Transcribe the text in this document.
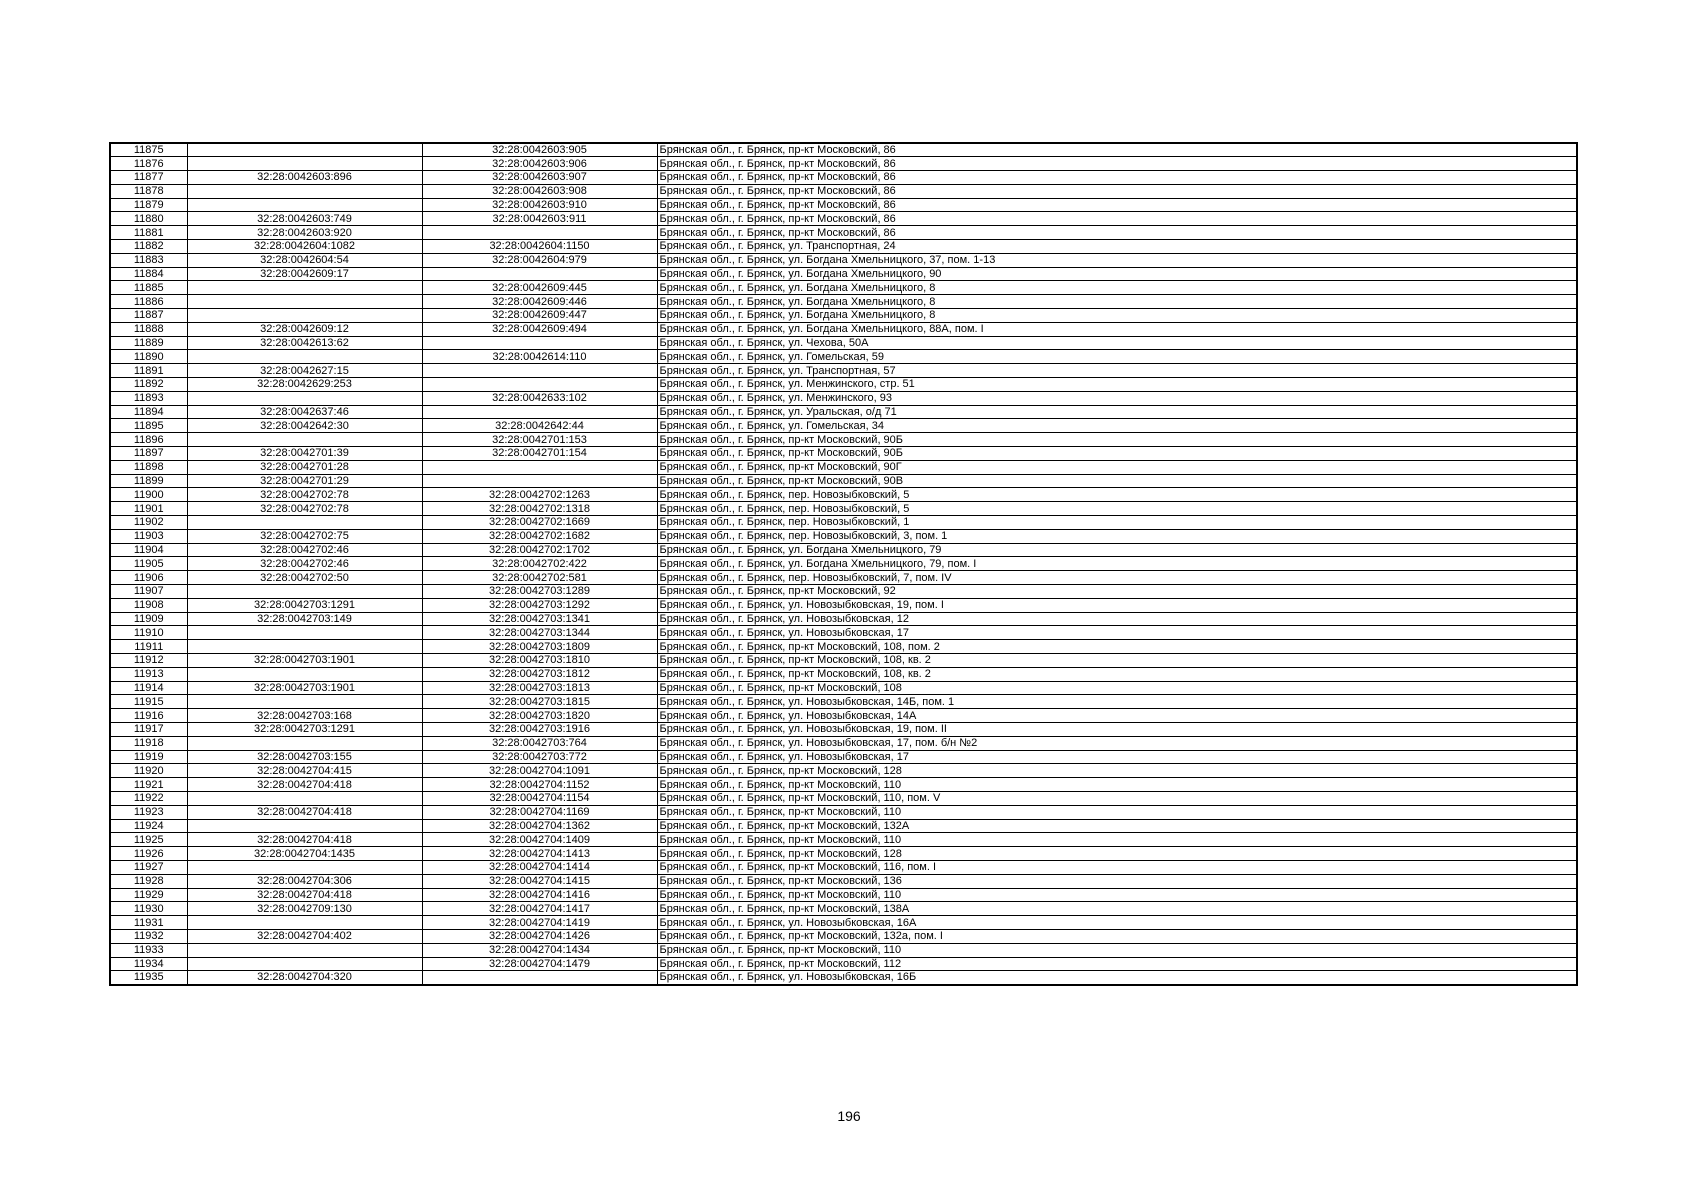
11875		32:28:0042603:905	Брянская обл., г. Брянск, пр-кт Московский, 86
11876		32:28:0042603:906	Брянская обл., г. Брянск, пр-кт Московский, 86
11877	32:28:0042603:896	32:28:0042603:907	Брянская обл., г. Брянск, пр-кт Московский, 86
11878		32:28:0042603:908	Брянская обл., г. Брянск, пр-кт Московский, 86
11879		32:28:0042603:910	Брянская обл., г. Брянск, пр-кт Московский, 86
11880	32:28:0042603:749	32:28:0042603:911	Брянская обл., г. Брянск, пр-кт Московский, 86
11881	32:28:0042603:920		Брянская обл., г. Брянск, пр-кт Московский, 86
11882	32:28:0042604:1082	32:28:0042604:1150	Брянская обл., г. Брянск, ул. Транспортная, 24
11883	32:28:0042604:54	32:28:0042604:979	Брянская обл., г. Брянск, ул. Богдана Хмельницкого, 37, пом. 1-13
11884	32:28:0042609:17		Брянская обл., г. Брянск, ул. Богдана Хмельницкого, 90
11885		32:28:0042609:445	Брянская обл., г. Брянск, ул. Богдана Хмельницкого, 8
11886		32:28:0042609:446	Брянская обл., г. Брянск, ул. Богдана Хмельницкого, 8
11887		32:28:0042609:447	Брянская обл., г. Брянск, ул. Богдана Хмельницкого, 8
11888	32:28:0042609:12	32:28:0042609:494	Брянская обл., г. Брянск, ул. Богдана Хмельницкого, 88А, пом. I
11889	32:28:0042613:62		Брянская обл., г. Брянск, ул. Чехова, 50А
11890		32:28:0042614:110	Брянская обл., г. Брянск, ул. Гомельская, 59
11891	32:28:0042627:15		Брянская обл., г. Брянск, ул. Транспортная, 57
11892	32:28:0042629:253		Брянская обл., г. Брянск, ул. Менжинского, стр. 51
11893		32:28:0042633:102	Брянская обл., г. Брянск, ул. Менжинского, 93
11894	32:28:0042637:46		Брянская обл., г. Брянск, ул. Уральская, о/д 71
11895	32:28:0042642:30	32:28:0042642:44	Брянская обл., г. Брянск, ул. Гомельская, 34
11896		32:28:0042701:153	Брянская обл., г. Брянск, пр-кт Московский, 90Б
11897	32:28:0042701:39	32:28:0042701:154	Брянская обл., г. Брянск, пр-кт Московский, 90Б
11898	32:28:0042701:28		Брянская обл., г. Брянск, пр-кт Московский, 90Г
11899	32:28:0042701:29		Брянская обл., г. Брянск, пр-кт Московский, 90В
11900	32:28:0042702:78	32:28:0042702:1263	Брянская обл., г. Брянск, пер. Новозыбковский, 5
11901	32:28:0042702:78	32:28:0042702:1318	Брянская обл., г. Брянск, пер. Новозыбковский, 5
11902		32:28:0042702:1669	Брянская обл., г. Брянск, пер. Новозыбковский, 1
11903	32:28:0042702:75	32:28:0042702:1682	Брянская обл., г. Брянск, пер. Новозыбковский, 3, пом. 1
11904	32:28:0042702:46	32:28:0042702:1702	Брянская обл., г. Брянск, ул. Богдана Хмельницкого, 79
11905	32:28:0042702:46	32:28:0042702:422	Брянская обл., г. Брянск, ул. Богдана Хмельницкого, 79, пом. I
11906	32:28:0042702:50	32:28:0042702:581	Брянская обл., г. Брянск, пер. Новозыбковский, 7, пом. IV
11907		32:28:0042703:1289	Брянская обл., г. Брянск, пр-кт Московский, 92
11908	32:28:0042703:1291	32:28:0042703:1292	Брянская обл., г. Брянск, ул. Новозыбковская, 19, пом. I
11909	32:28:0042703:149	32:28:0042703:1341	Брянская обл., г. Брянск, ул. Новозыбковская, 12
11910		32:28:0042703:1344	Брянская обл., г. Брянск, ул. Новозыбковская, 17
11911		32:28:0042703:1809	Брянская обл., г. Брянск, пр-кт Московский, 108, пом. 2
11912	32:28:0042703:1901	32:28:0042703:1810	Брянская обл., г. Брянск, пр-кт Московский, 108, кв. 2
11913		32:28:0042703:1812	Брянская обл., г. Брянск, пр-кт Московский, 108, кв. 2
11914	32:28:0042703:1901	32:28:0042703:1813	Брянская обл., г. Брянск, пр-кт Московский, 108
11915		32:28:0042703:1815	Брянская обл., г. Брянск, ул. Новозыбковская, 14Б, пом. 1
11916	32:28:0042703:168	32:28:0042703:1820	Брянская обл., г. Брянск, ул. Новозыбковская, 14А
11917	32:28:0042703:1291	32:28:0042703:1916	Брянская обл., г. Брянск, ул. Новозыбковская, 19, пом. II
11918		32:28:0042703:764	Брянская обл., г. Брянск, ул. Новозыбковская, 17, пом. б/н №2
11919	32:28:0042703:155	32:28:0042703:772	Брянская обл., г. Брянск, ул. Новозыбковская, 17
11920	32:28:0042704:415	32:28:0042704:1091	Брянская обл., г. Брянск, пр-кт Московский, 128
11921	32:28:0042704:418	32:28:0042704:1152	Брянская обл., г. Брянск, пр-кт Московский, 110
11922		32:28:0042704:1154	Брянская обл., г. Брянск, пр-кт Московский, 110, пом. V
11923	32:28:0042704:418	32:28:0042704:1169	Брянская обл., г. Брянск, пр-кт Московский, 110
11924		32:28:0042704:1362	Брянская обл., г. Брянск, пр-кт Московский, 132А
11925	32:28:0042704:418	32:28:0042704:1409	Брянская обл., г. Брянск, пр-кт Московский, 110
11926	32:28:0042704:1435	32:28:0042704:1413	Брянская обл., г. Брянск, пр-кт Московский, 128
11927		32:28:0042704:1414	Брянская обл., г. Брянск, пр-кт Московский, 116, пом. I
11928	32:28:0042704:306	32:28:0042704:1415	Брянская обл., г. Брянск, пр-кт Московский, 136
11929	32:28:0042704:418	32:28:0042704:1416	Брянская обл., г. Брянск, пр-кт Московский, 110
11930	32:28:0042709:130	32:28:0042704:1417	Брянская обл., г. Брянск, пр-кт Московский, 138А
11931		32:28:0042704:1419	Брянская обл., г. Брянск, ул. Новозыбковская, 16А
11932	32:28:0042704:402	32:28:0042704:1426	Брянская обл., г. Брянск, пр-кт Московский, 132а, пом. I
11933		32:28:0042704:1434	Брянская обл., г. Брянск, пр-кт Московский, 110
11934		32:28:0042704:1479	Брянская обл., г. Брянск, пр-кт Московский, 112
11935	32:28:0042704:320		Брянская обл., г. Брянск, ул. Новозыбковская, 16Б
196
